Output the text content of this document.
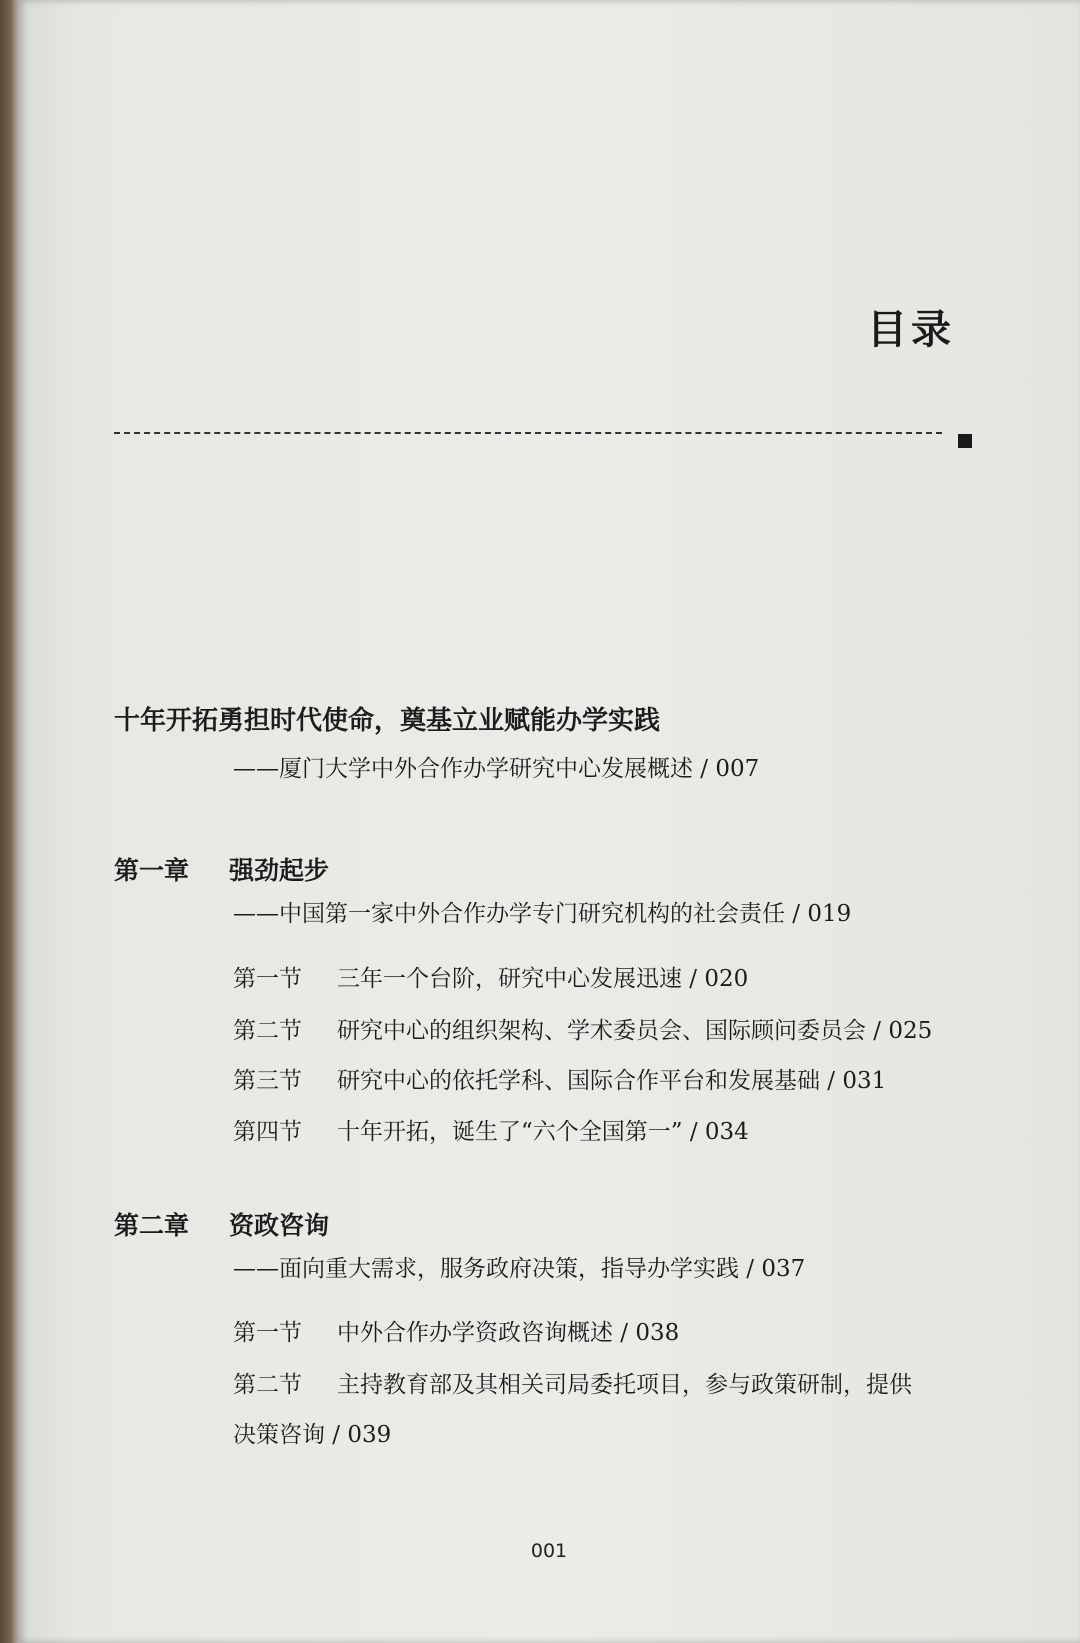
目录
十年开拓勇担时代使命，奠基立业赋能办学实践
——厦门大学中外合作办学研究中心发展概述 / 007
第一章 强劲起步
——中国第一家中外合作办学专门研究机构的社会责任 / 019
第一节 三年一个台阶，研究中心发展迅速 / 020
第二节 研究中心的组织架构、学术委员会、国际顾问委员会 / 025
第三节 研究中心的依托学科、国际合作平台和发展基础 / 031
第四节 十年开拓，诞生了“六个全国第一” / 034
第二章 资政咨询
——面向重大需求，服务政府决策，指导办学实践 / 037
第一节 中外合作办学资政咨询概述 / 038
第二节 主持教育部及其相关司局委托项目，参与政策研制，提供
决策咨询 / 039
001
